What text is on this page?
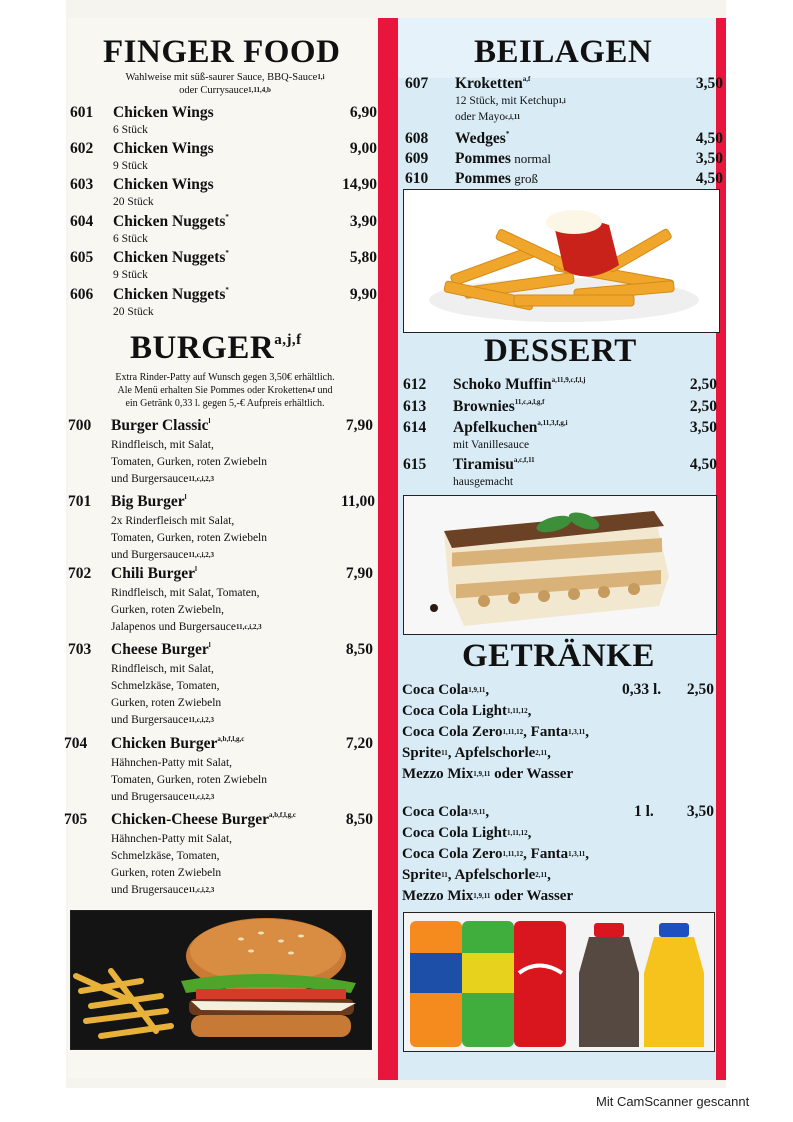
FINGER FOOD
Wahlweise mit süß-saurer Sauce, BBQ-Sauce$^{1,i}$
oder Currysauce$^{1,11,4,b}$
601 Chicken Wings	6,90
6 Stück
602 Chicken Wings	9,00
9 Stück
603 Chicken Wings	14,90
20 Stück
604 Chicken Nuggets*	3,90
6 Stück
605 Chicken Nuggets*	5,80
9 Stück
606 Chicken Nuggets*	9,90
20 Stück
BURGER$^{a,j,f}$
Extra Rinder-Patty auf Wunsch gegen 3,50€ erhältlich.
Ale Menü erhalten Sie Pommes oder Kroketten$^{a,f}$ und
ein Getränk 0,33 l. gegen 5,-€ Aufpreis erhältlich.
700 Burger Classic$^l$	7,90
Rindfleisch, mit Salat,
Tomaten, Gurken, roten Zwiebeln
und Burgersauce$^{11,c,i,2,3}$
701 Big Burger$^l$	11,00
2x Rinderfleisch mit Salat,
Tomaten, Gurken, roten Zwiebeln
und Burgersauce$^{11,c,i,2,3}$
702 Chili Burger$^l$	7,90
Rindfleisch, mit Salat, Tomaten,
Gurken, roten Zwiebeln,
Jalapenos und Burgersauce$^{11,c,i,2,3}$
703 Cheese Burger$^l$	8,50
Rindfleisch, mit Salat,
Schmelzkäse, Tomaten,
Gurken, roten Zwiebeln
und Burgersauce$^{11,c,i,2,3}$
704 Chicken Burger$^{a,b,f,l,g,c}$	7,20
Hähnchen-Patty mit Salat,
Tomaten, Gurken, roten Zwiebeln
und Brugersauce$^{11,c,i,2,3}$
705 Chicken-Cheese Burger$^{a,b,f,l,g,c}$	8,50
Hähnchen-Patty mit Salat,
Schmelzkäse, Tomaten,
Gurken, roten Zwiebeln
und Brugersauce$^{11,c,i,2,3}$
BEILAGEN
607 Kroketten$^{a,f}$	3,50
608 Wedges*	4,50
609 Pommes normal	3,50
610 Pommes groß	4,50
12 Stück, mit Ketchup$^{1,i}$
oder Mayo$^{c,i,11}$
DESSERT
612 Schoko Muffin$^{a,11,9,c,f,l,j}$	2,50
613 Brownies$^{11,c,a,l,g,f}$	2,50
614 Apfelkuchen$^{a,11,3,f,g,i}$	3,50
mit Vanillesauce
615 Tiramisu$^{a,c,f,11}$	4,50
hausgemacht
GETRÄNKE
Coca Cola$^{1,9,11}$,
Coca Cola Light$^{1,11,12}$,
Coca Cola Zero$^{1,11,12}$, Fanta$^{1,3,11}$,
Sprite$^{11}$, Apfelschorle$^{2,11}$,
Mezzo Mix$^{1,9,11}$ oder Wasser
0,33 l.	2,50
Coca Cola$^{1,9,11}$,
Coca Cola Light$^{1,11,12}$,
Coca Cola Zero$^{1,11,12}$, Fanta$^{1,3,11}$,
Sprite$^{11}$, Apfelschorle$^{2,11}$,
Mezzo Mix$^{1,9,11}$ oder Wasser
1 l.	3,50
Mit CamScanner gescannt
